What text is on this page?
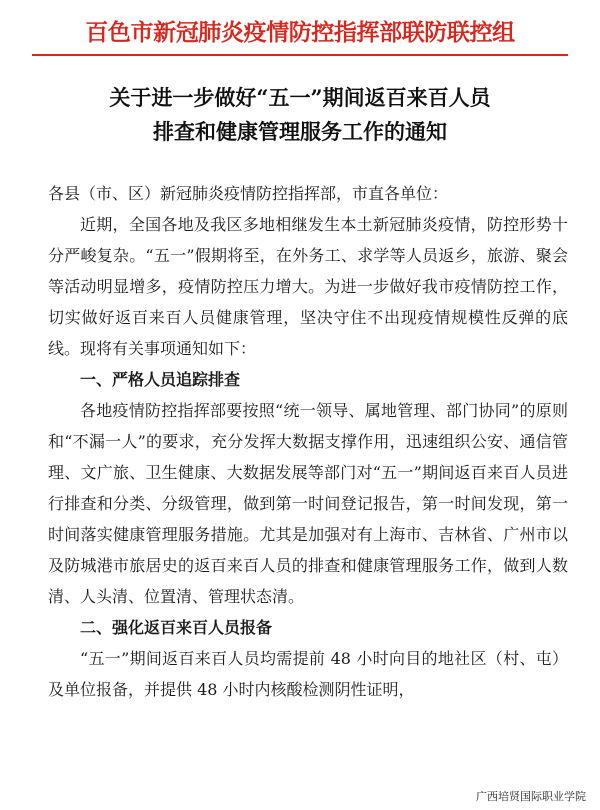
百色市新冠肺炎疫情防控指挥部联防联控组
关于进一步做好“五一”期间返百来百人员
排查和健康管理服务工作的通知

各县（市、区）新冠肺炎疫情防控指挥部，市直各单位：

近期，全国各地及我区多地相继发生本土新冠肺炎疫情，防控形势十分严峻复杂。“五一”假期将至，在外务工、求学等人员返乡，旅游、聚会等活动明显增多，疫情防控压力增大。为进一步做好我市疫情防控工作，切实做好返百来百人员健康管理，坚决守住不出现疫情规模性反弹的底线。现将有关事项通知如下：

一、严格人员追踪排查

各地疫情防控指挥部要按照“统一领导、属地管理、部门协同”的原则和“不漏一人”的要求，充分发挥大数据支撑作用，迅速组织公安、通信管理、文广旅、卫生健康、大数据发展等部门对“五一”期间返百来百人员进行排查和分类、分级管理，做到第一时间登记报告，第一时间发现，第一时间落实健康管理服务措施。尤其是加强对有上海市、吉林省、广州市以及防城港市旅居史的返百来百人员的排查和健康管理服务工作，做到人数清、人头清、位置清、管理状态清。

二、强化返百来百人员报备

“五一”期间返百来百人员均需提前 48 小时向目的地社区（村、屯）及单位报备，并提供 48 小时内核酸检测阴性证明，

广西培贤国际职业学院
